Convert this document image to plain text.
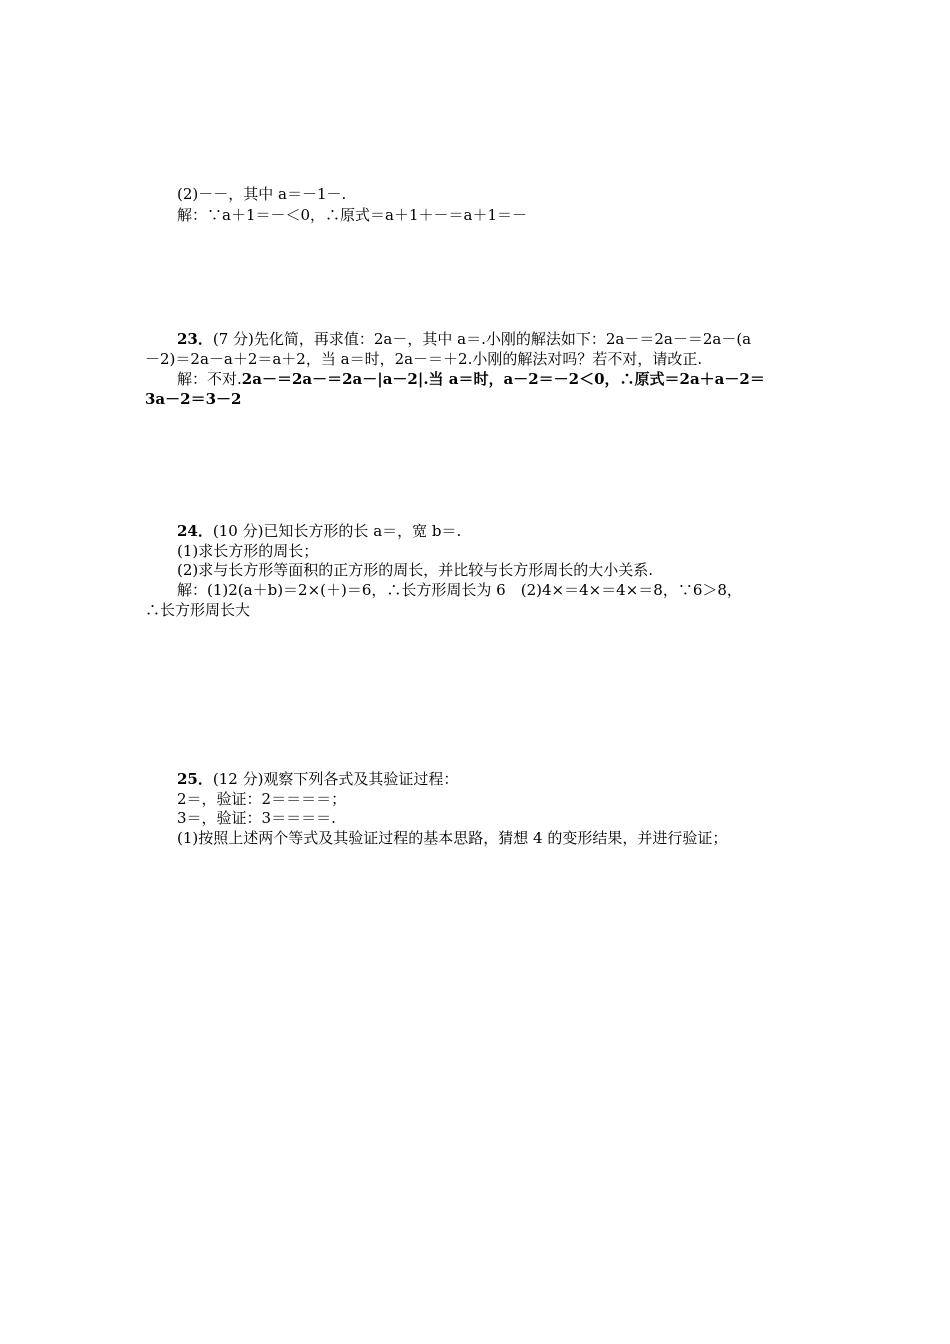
(2)－－，其中 a＝－1－.
解：∵a＋1＝－＜0，∴原式＝a＋1＋－＝a＋1＝－
23．(7 分)先化简，再求值：2a－，其中 a＝.小刚的解法如下：2a－＝2a－＝2a－(a
－2)＝2a－a＋2＝a＋2，当 a＝时，2a－＝＋2.小刚的解法对吗？若不对，请改正.
解：不对.2a－＝2a－＝2a－|a－2|.当 a＝时，a－2＝－2＜0，∴原式＝2a＋a－2＝
3a－2＝3－2
24．(10 分)已知长方形的长 a＝，宽 b＝.
(1)求长方形的周长；
(2)求与长方形等面积的正方形的周长，并比较与长方形周长的大小关系.
解：(1)2(a＋b)＝2×(＋)＝6，∴长方形周长为 6　(2)4×＝4×＝4×＝8，∵6＞8，
∴长方形周长大
25．(12 分)观察下列各式及其验证过程：
2＝，验证：2＝＝＝＝；
3＝，验证：3＝＝＝＝.
(1)按照上述两个等式及其验证过程的基本思路，猜想 4 的变形结果，并进行验证；
